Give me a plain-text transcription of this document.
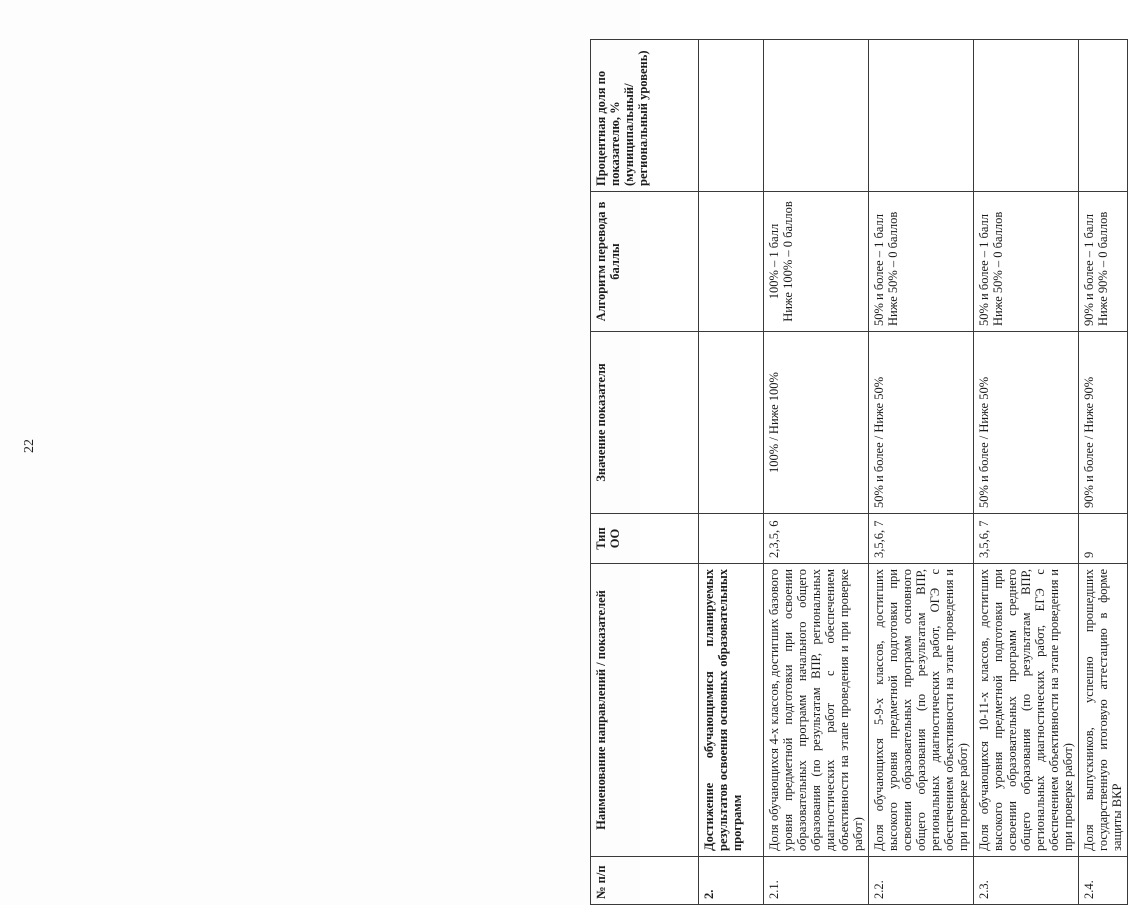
22
№ п/п	Наименование направлений / показателей	Тип ОО	Значение показателя	Алгоритм перевода в баллы	Процентная доля по показателю, % (муниципальный/ региональный уровень)
2.	Достижение обучающимися планируемых результатов освоения основных образовательных программ				
2.1.	Доля обучающихся 4-х классов, достигших базового уровня предметной подготовки при освоении образовательных программ начального общего образования (по результатам ВПР, региональных диагностических работ с обеспечением объективности на этапе проведения и при проверке работ)	2,3,5, 6	100% / Ниже 100%	100% – 1 балл Ниже 100% – 0 баллов	

2.2.	Доля обучающихся 5-9-х классов, достигших высокого уровня предметной подготовки при освоении образовательных программ основного общего образования (по результатам ВПР, региональных диагностических работ, ОГЭ с обеспечением объективности на этапе проведения и при проверке работ)	3,5,6, 7	50% и более / Ниже 50%	50% и более – 1 балл Ниже 50% – 0 баллов	

2.3.	Доля обучающихся 10-11-х классов, достигших высокого уровня предметной подготовки при освоении образовательных программ среднего общего образования (по результатам ВПР, региональных диагностических работ, ЕГЭ с обеспечением объективности на этапе проведения и при проверке работ)	3,5,6, 7	50% и более / Ниже 50%	50% и более – 1 балл Ниже 50% – 0 баллов	

2.4.	Доля выпускников, успешно прошедших государственную итоговую аттестацию в форме защиты ВКР	9	90% и более / Ниже 90%	90% и более – 1 балл Ниже 90% – 0 баллов	
